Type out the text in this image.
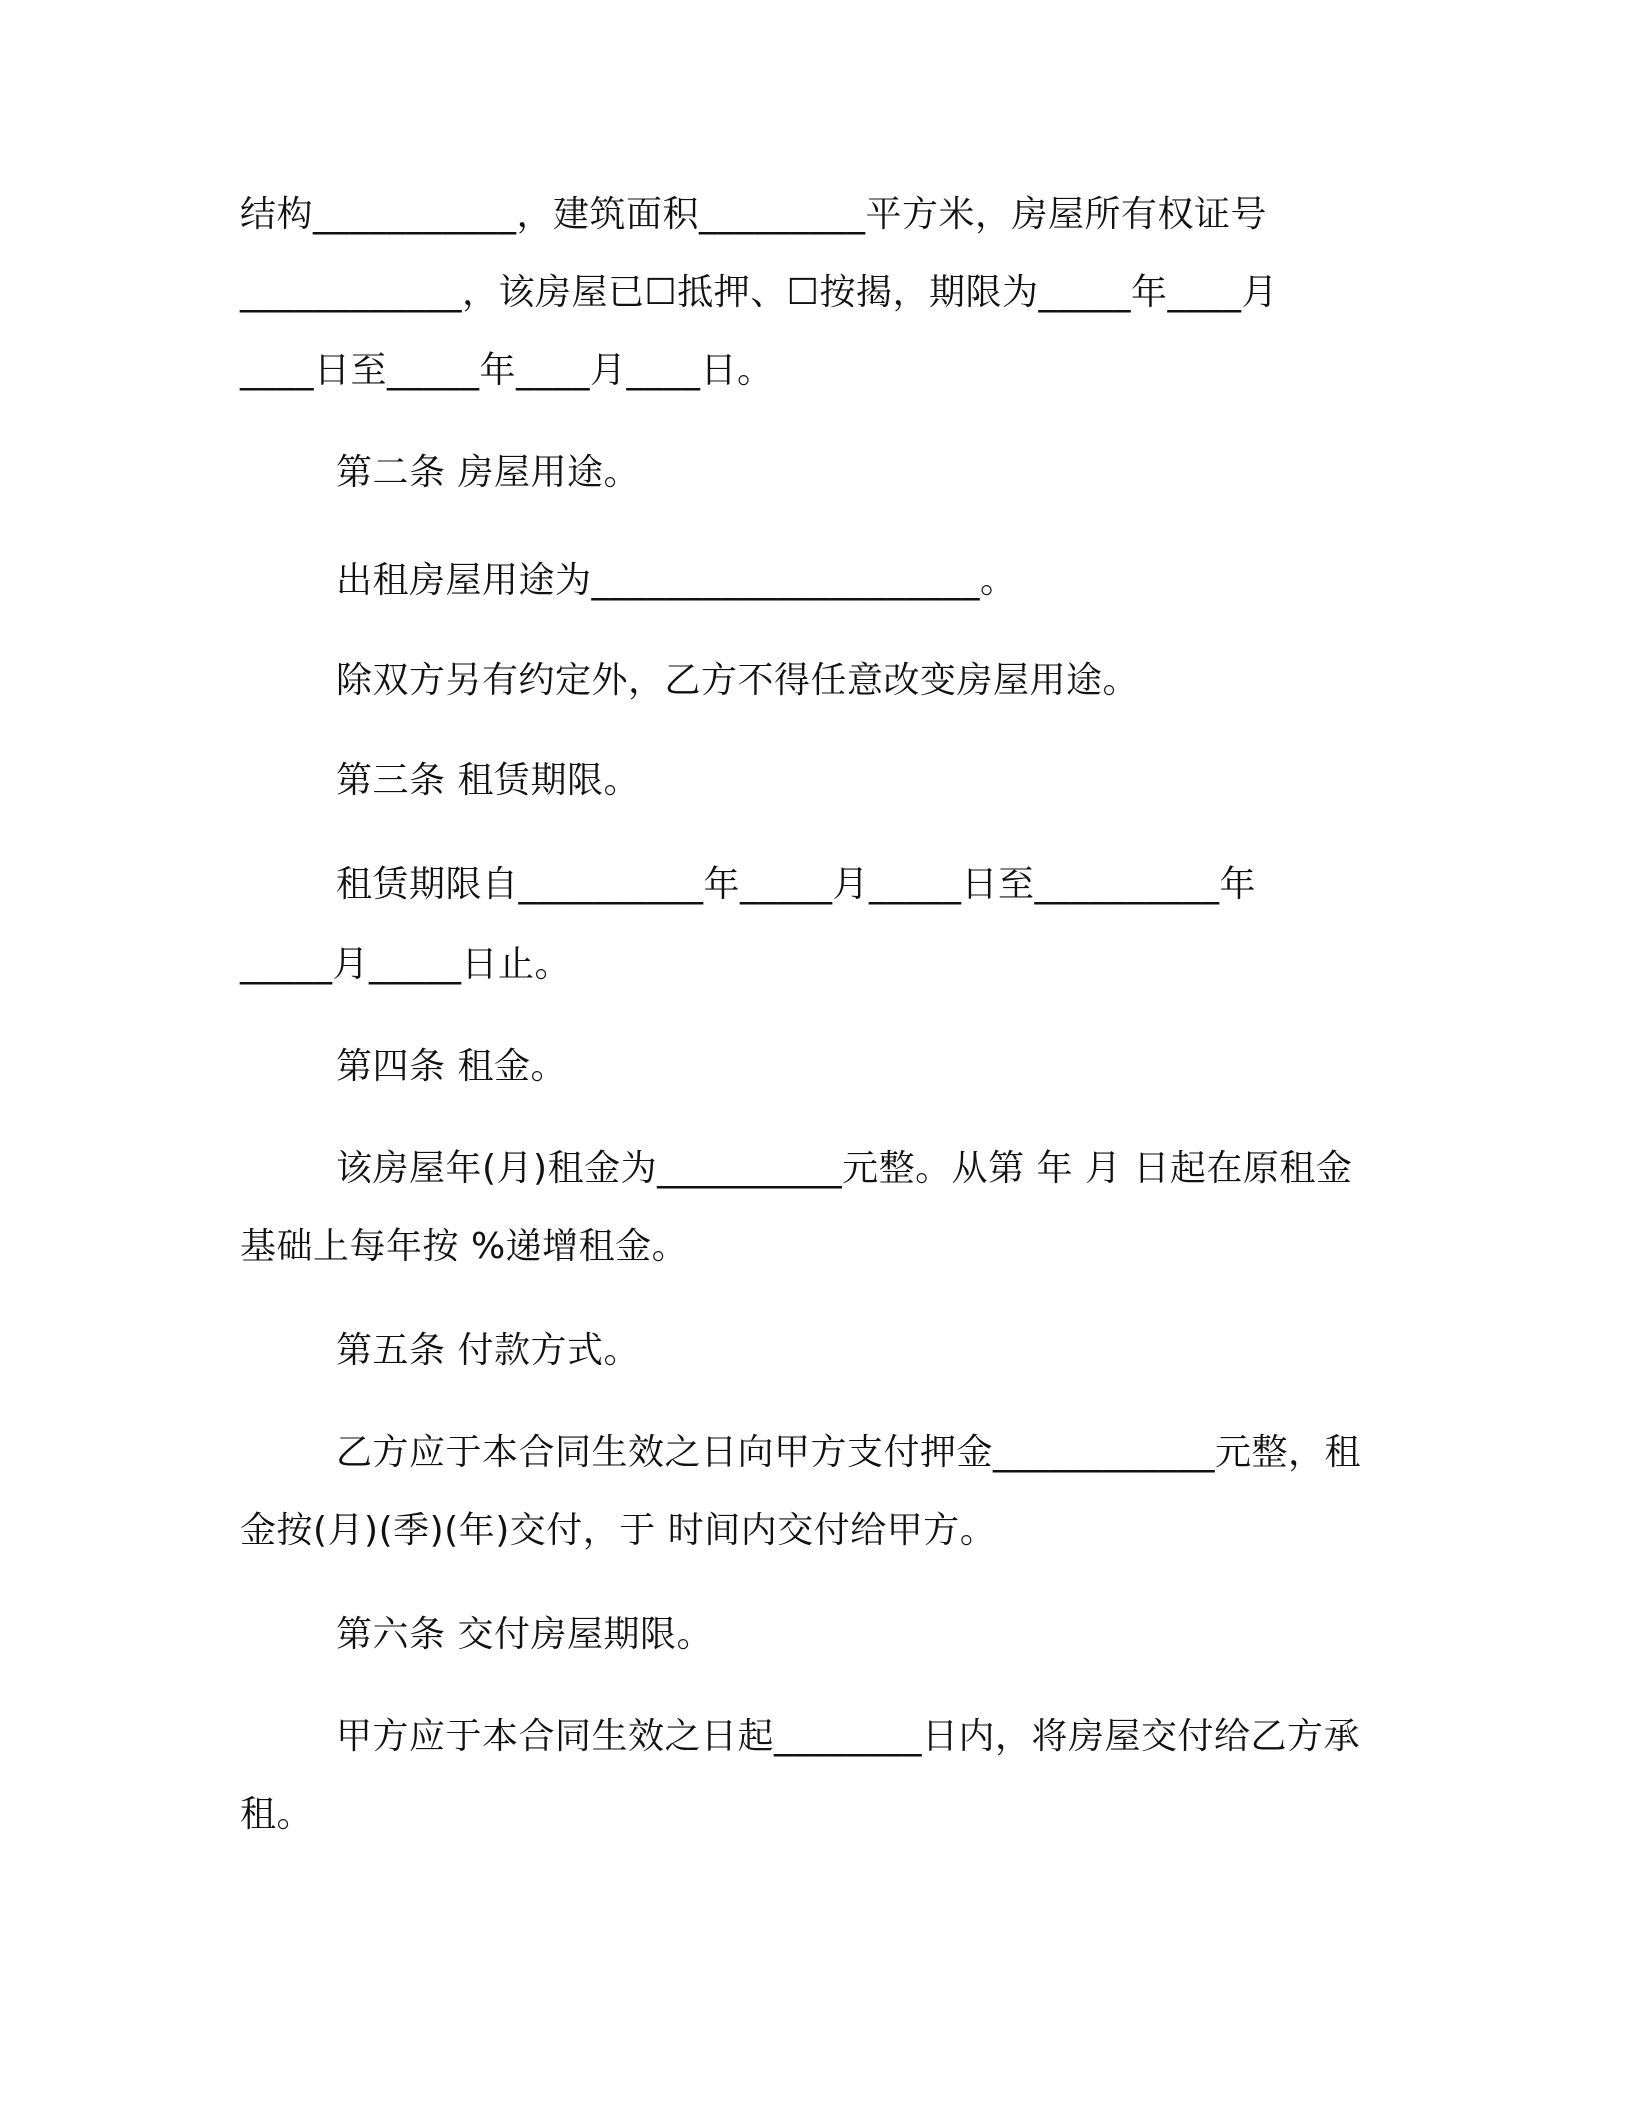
结构___________，建筑面积_________平方米，房屋所有权证号
____________，该房屋已☐抵押、☐按揭，期限为_____年____月
____日至_____年____月____日。
第二条 房屋用途。
出租房屋用途为_____________________。
除双方另有约定外，乙方不得任意改变房屋用途。
第三条 租赁期限。
租赁期限自__________年_____月_____日至__________年
_____月_____日止。
第四条 租金。
该房屋年(月)租金为__________元整。从第 年 月 日起在原租金
基础上每年按 %递增租金。
第五条 付款方式。
乙方应于本合同生效之日向甲方支付押金____________元整，租
金按(月)(季)(年)交付，于 时间内交付给甲方。
第六条 交付房屋期限。
甲方应于本合同生效之日起________日内，将房屋交付给乙方承
租。
